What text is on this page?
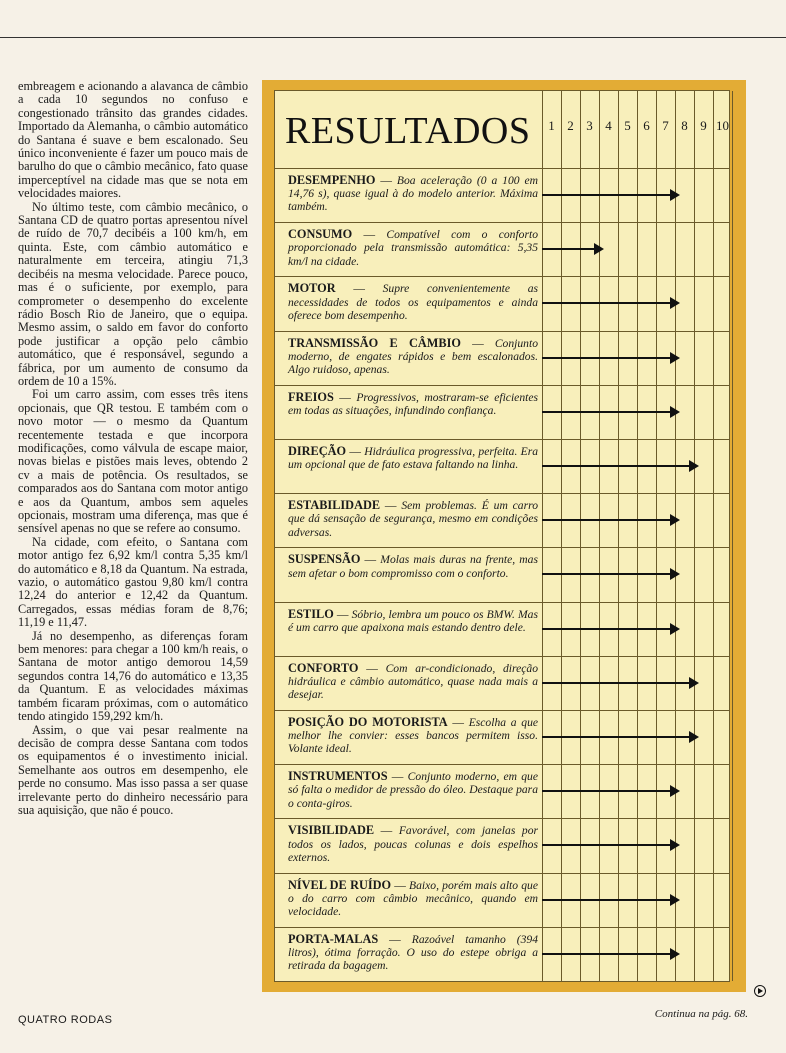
embreagem e acionando a alavanca de câmbio a cada 10 segundos no confuso e congestionado trânsito das grandes cidades. Importado da Alemanha, o câmbio automático do Santana é suave e bem escalonado. Seu único inconveniente é fazer um pouco mais de barulho do que o câmbio mecânico, fato quase imperceptível na cidade mas que se nota em velocidades maiores.

No último teste, com câmbio mecânico, o Santana CD de quatro portas apresentou nível de ruído de 70,7 decibéis a 100 km/h, em quinta. Este, com câmbio automático e naturalmente em terceira, atingiu 71,3 decibéis na mesma velocidade. Parece pouco, mas é o suficiente, por exemplo, para comprometer o desempenho do excelente rádio Bosch Rio de Janeiro, que o equipa. Mesmo assim, o saldo em favor do conforto pode justificar a opção pelo câmbio automático, que é responsável, segundo a fábrica, por um aumento de consumo da ordem de 10 a 15%.

Foi um carro assim, com esses três itens opcionais, que QR testou. E também com o novo motor — o mesmo da Quantum recentemente testada e que incorpora modificações, como válvula de escape maior, novas bielas e pistões mais leves, obtendo 2 cv a mais de potência. Os resultados, se comparados aos do Santana com motor antigo e aos da Quantum, ambos sem aqueles opcionais, mostram uma diferença, mas que é sensível apenas no que se refere ao consumo.

Na cidade, com efeito, o Santana com motor antigo fez 6,92 km/l contra 5,35 km/l do automático e 8,18 da Quantum. Na estrada, vazio, o automático gastou 9,80 km/l contra 12,24 do anterior e 12,42 da Quantum. Carregados, essas médias foram de 8,76; 11,19 e 11,47.

Já no desempenho, as diferenças foram bem menores: para chegar a 100 km/h reais, o Santana de motor antigo demorou 14,59 segundos contra 14,76 do automático e 13,35 da Quantum. E as velocidades máximas também ficaram próximas, com o automático tendo atingido 159,292 km/h.

Assim, o que vai pesar realmente na decisão de compra desse Santana com todos os equipamentos é o investimento inicial. Semelhante aos outros em desempenho, ele perde no consumo. Mas isso passa a ser quase irrelevante perto do dinheiro necessário para sua aquisição, que não é pouco.

RESULTADOS	1 2 3 4 5 6 7 8 9 10
DESEMPENHO — Boa aceleração (0 a 100 em 14,76 s), quase igual à do modelo anterior. Máxima também.
CONSUMO — Compatível com o conforto proporcionado pela transmissão automática: 5,35 km/l na cidade.
MOTOR — Supre convenientemente as necessidades de todos os equipamentos e ainda oferece bom desempenho.
TRANSMISSÃO E CÂMBIO — Conjunto moderno, de engates rápidos e bem escalonados. Algo ruidoso, apenas.
FREIOS — Progressivos, mostraram-se eficientes em todas as situações, infundindo confiança.
DIREÇÃO — Hidráulica progressiva, perfeita. Era um opcional que de fato estava faltando na linha.
ESTABILIDADE — Sem problemas. É um carro que dá sensação de segurança, mesmo em condições adversas.
SUSPENSÃO — Molas mais duras na frente, mas sem afetar o bom compromisso com o conforto.
ESTILO — Sóbrio, lembra um pouco os BMW. Mas é um carro que apaixona mais estando dentro dele.
CONFORTO — Com ar-condicionado, direção hidráulica e câmbio automático, quase nada mais a desejar.
POSIÇÃO DO MOTORISTA — Escolha a que melhor lhe convier: esses bancos permitem isso. Volante ideal.
INSTRUMENTOS — Conjunto moderno, em que só falta o medidor de pressão do óleo. Destaque para o conta-giros.
VISIBILIDADE — Favorável, com janelas por todos os lados, poucas colunas e dois espelhos externos.
NÍVEL DE RUÍDO — Baixo, porém mais alto que o do carro com câmbio mecânico, quando em velocidade.
PORTA-MALAS — Razoável tamanho (394 litros), ótima forração. O uso do estepe obriga a retirada da bagagem.
QUATRO RODAS	Continua na pág. 68.
